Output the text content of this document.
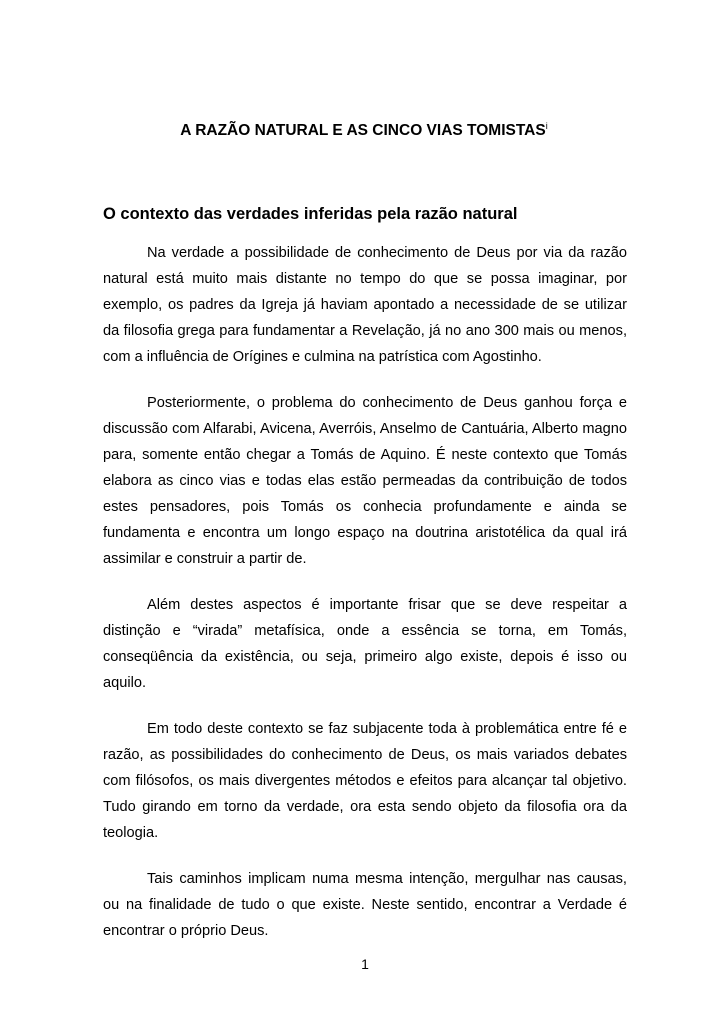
A RAZÃO NATURAL E AS CINCO VIAS TOMISTAS$^i$
O contexto das verdades inferidas pela razão natural

Na verdade a possibilidade de conhecimento de Deus por via da razão natural está muito mais distante no tempo do que se possa imaginar, por exemplo, os padres da Igreja já haviam apontado a necessidade de se utilizar da filosofia grega para fundamentar a Revelação, já no ano 300 mais ou menos, com a influência de Orígines e culmina na patrística com Agostinho.

Posteriormente, o problema do conhecimento de Deus ganhou força e discussão com Alfarabi, Avicena, Averróis, Anselmo de Cantuária, Alberto magno para, somente então chegar a Tomás de Aquino. É neste contexto que Tomás elabora as cinco vias e todas elas estão permeadas da contribuição de todos estes pensadores, pois Tomás os conhecia profundamente e ainda se fundamenta e encontra um longo espaço na doutrina aristotélica da qual irá assimilar e construir a partir de.

Além destes aspectos é importante frisar que se deve respeitar a distinção e “virada” metafísica, onde a essência se torna, em Tomás, conseqüência da existência, ou seja, primeiro algo existe, depois é isso ou aquilo.

Em todo deste contexto se faz subjacente toda à problemática entre fé e razão, as possibilidades do conhecimento de Deus, os mais variados debates com filósofos, os mais divergentes métodos e efeitos para alcançar tal objetivo. Tudo girando em torno da verdade, ora esta sendo objeto da filosofia ora da teologia.

Tais caminhos implicam numa mesma intenção, mergulhar nas causas, ou na finalidade de tudo o que existe. Neste sentido, encontrar a Verdade é encontrar o próprio Deus.

1
